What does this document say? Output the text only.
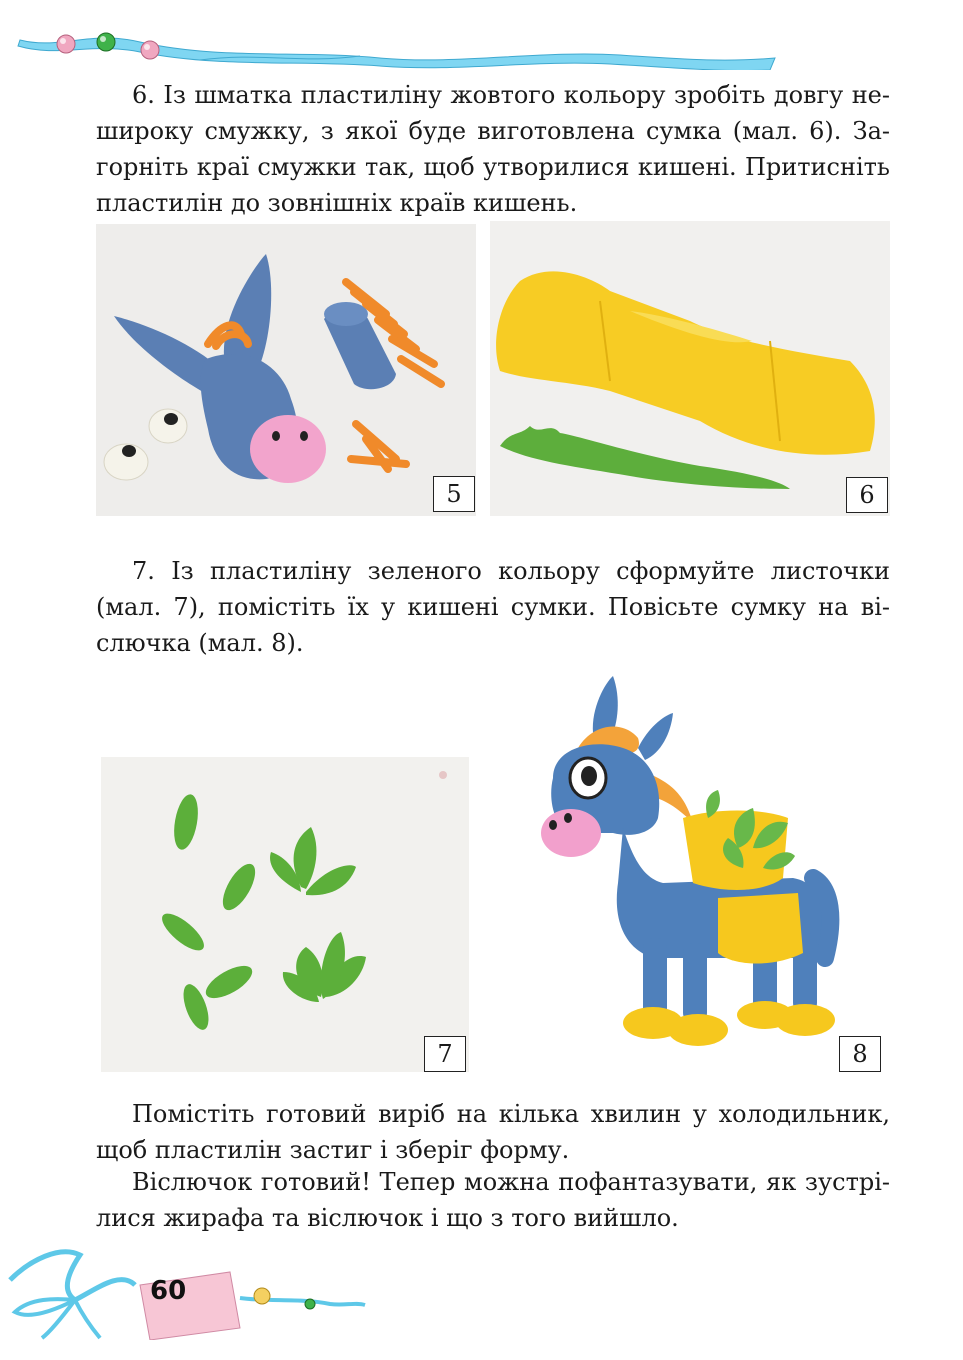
6. Із шматка пластиліну жовтого кольору зробіть довгу не-
широку смужку, з якої буде виготовлена сумка (мал. 6). За-
горніть краї смужки так, щоб утворилися кишені. Притисніть
пластилін до зовнішніх країв кишень.
5	6
7. Із пластиліну зеленого кольору сформуйте листочки
(мал. 7), помістіть їх у кишені сумки. Повісьте сумку на ві-
слючка (мал. 8).
7	8
Помістіть готовий виріб на кілька хвилин у холодильник,
щоб пластилін застиг і зберіг форму.
Віслючок готовий! Тепер можна пофантазувати, як зустрі-
лися жирафа та віслючок і що з того вийшло.
60
